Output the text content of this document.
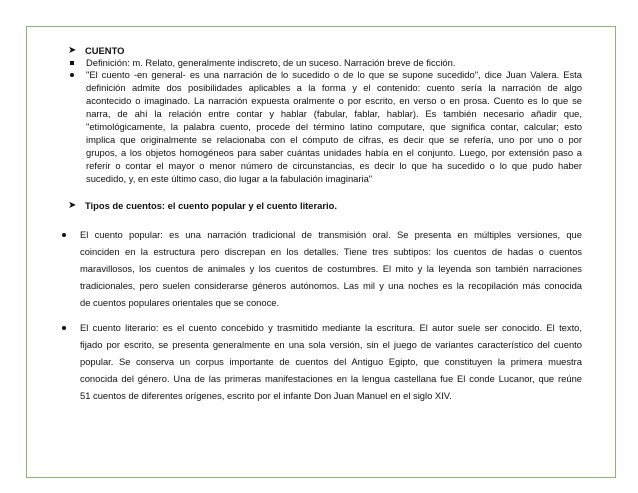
➤ CUENTO
Definición: m. Relato, generalmente indiscreto, de un suceso. Narración breve de ficción.
"El cuento -en general- es una narración de lo sucedido o de lo que se supone sucedido", dice Juan Valera. Esta
definición admite dos posibilidades aplicables a la forma y el contenido: cuento sería la narración de algo
acontecido o imaginado. La narración expuesta oralmente o por escrito, en verso o en prosa. Cuento es lo que se
narra, de ahí la relación entre contar y hablar (fabular, fablar, hablar). Es también necesario añadir que,
"etimológicamente, la palabra cuento, procede del término latino computare, que significa contar, calcular; esto
implica que originalmente se relacionaba con el cómputo de cifras, es decir que se refería, uno por uno o por
grupos, a los objetos homogéneos para saber cuántas unidades había en el conjunto. Luego, por extensión paso a
referir o contar el mayor o menor número de circunstancias, es decir lo que ha sucedido o lo que pudo haber
sucedido, y, en este último caso, dio lugar a la fabulación imaginaria"
➤ Tipos de cuentos: el cuento popular y el cuento literario.
El cuento popular: es una narración tradicional de transmisión oral. Se presenta en múltiples versiones, que
coinciden en la estructura pero discrepan en los detalles. Tiene tres subtipos: los cuentos de hadas o cuentos
maravillosos, los cuentos de animales y los cuentos de costumbres. El mito y la leyenda son también narraciones
tradicionales, pero suelen considerarse géneros autónomos. Las mil y una noches es la recopilación más conocida
de cuentos populares orientales que se conoce.
El cuento literario: es el cuento concebido y trasmitido mediante la escritura. El autor suele ser conocido. El texto,
fijado por escrito, se presenta generalmente en una sola versión, sin el juego de variantes característico del cuento
popular. Se conserva un corpus importante de cuentos del Antiguo Egipto, que constituyen la primera muestra
conocida del género. Una de las primeras manifestaciones en la lengua castellana fue El conde Lucanor, que reúne
51 cuentos de diferentes orígenes, escrito por el infante Don Juan Manuel en el siglo XIV.
